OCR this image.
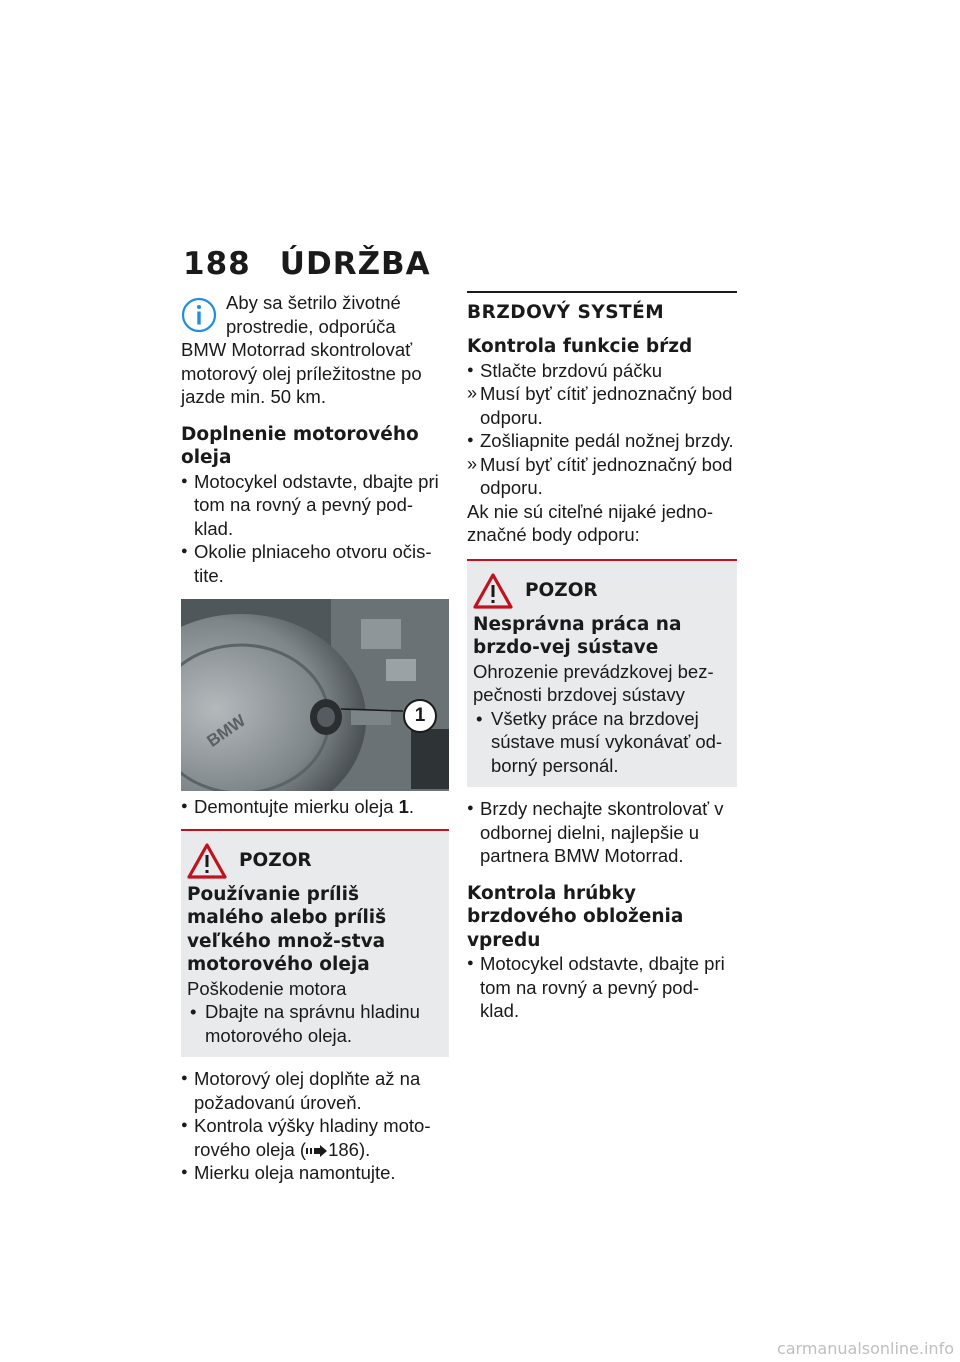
188 ÚDRŽBA

Aby sa šetrilo životné

prostredie, odporúča

BMW Motorrad skontrolovať motorový olej príležitostne po jazde min. 50 km.

Doplnenie motorového oleja
● Motocykel odstavte, dbajte pri tom na rovný a pevný pod-klad.
● Okolie plniaceho otvoru očis-tite.
BMW	1
● Demontujte mierku oleja 1.
POZOR
Používanie príliš malého alebo príliš veľkého množ-stva motorového oleja

Poškodenie motora

• Dbajte na správnu hladinu motorového oleja.
● Motorový olej doplňte až na požadovanú úroveň.
● Kontrola výšky hladiny moto-rového oleja ( 186).
● Mierku oleja namontujte.
BRZDOVÝ SYSTÉM
Kontrola funkcie bŕzd
● Stlačte brzdovú páčku
» Musí byť cítiť jednoznačný bod odporu.
● Zošliapnite pedál nožnej brzdy.
» Musí byť cítiť jednoznačný bod odporu.

Ak nie sú citeľné nijaké jedno-značné body odporu:

POZOR
Nesprávna práca na brzdo-vej sústave

Ohrozenie prevádzkovej bez-pečnosti brzdovej sústavy

• Všetky práce na brzdovej sústave musí vykonávať od-borný personál.
● Brzdy nechajte skontrolovať v odbornej dielni, najlepšie u partnera BMW Motorrad.
Kontrola hrúbky brzdového obloženia vpredu
● Motocykel odstavte, dbajte pri tom na rovný a pevný pod-klad.
carmanualsonline.info
